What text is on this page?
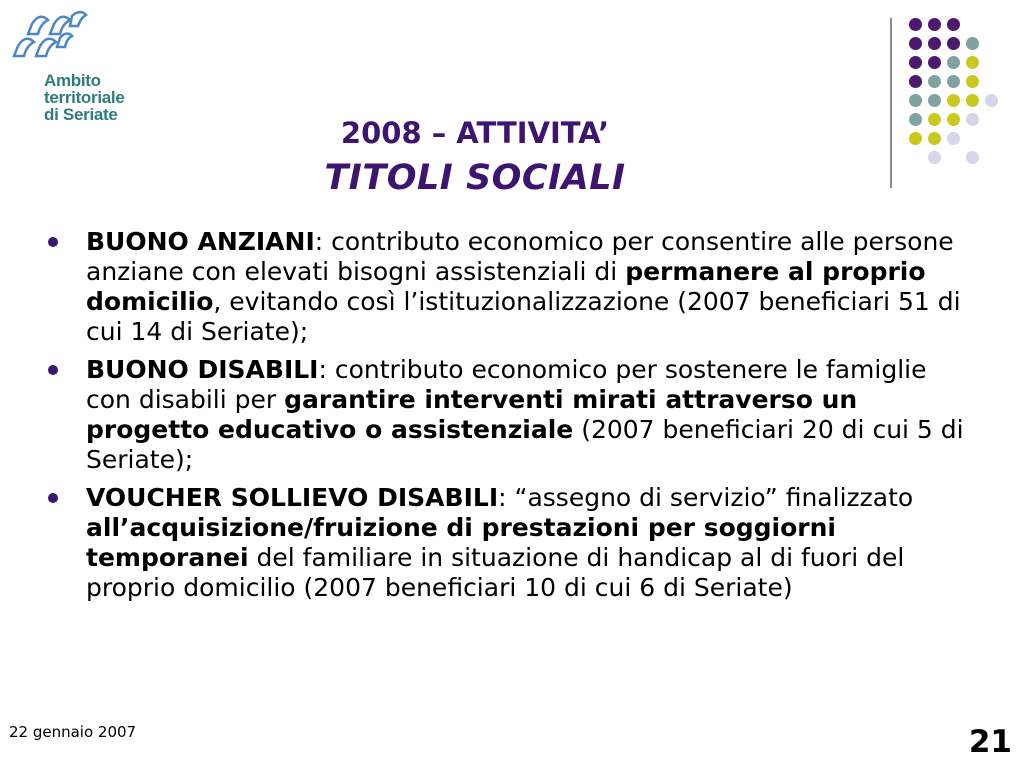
Ambito
territoriale
di Seriate
2008 – ATTIVITA’
TITOLI SOCIALI
BUONO ANZIANI: contributo economico per consentire alle persone anziane con elevati bisogni assistenziali di permanere al proprio domicilio, evitando così l’istituzionalizzazione (2007 beneficiari 51 di cui 14 di Seriate);
BUONO DISABILI: contributo economico per sostenere le famiglie con disabili per garantire interventi mirati attraverso un progetto educativo o assistenziale (2007 beneficiari 20 di cui 5 di Seriate);
VOUCHER SOLLIEVO DISABILI: “assegno di servizio” finalizzato all’acquisizione/fruizione di prestazioni per soggiorni temporanei del familiare in situazione di handicap al di fuori del proprio domicilio (2007 beneficiari 10 di cui 6 di Seriate)
22 gennaio 2007	21
